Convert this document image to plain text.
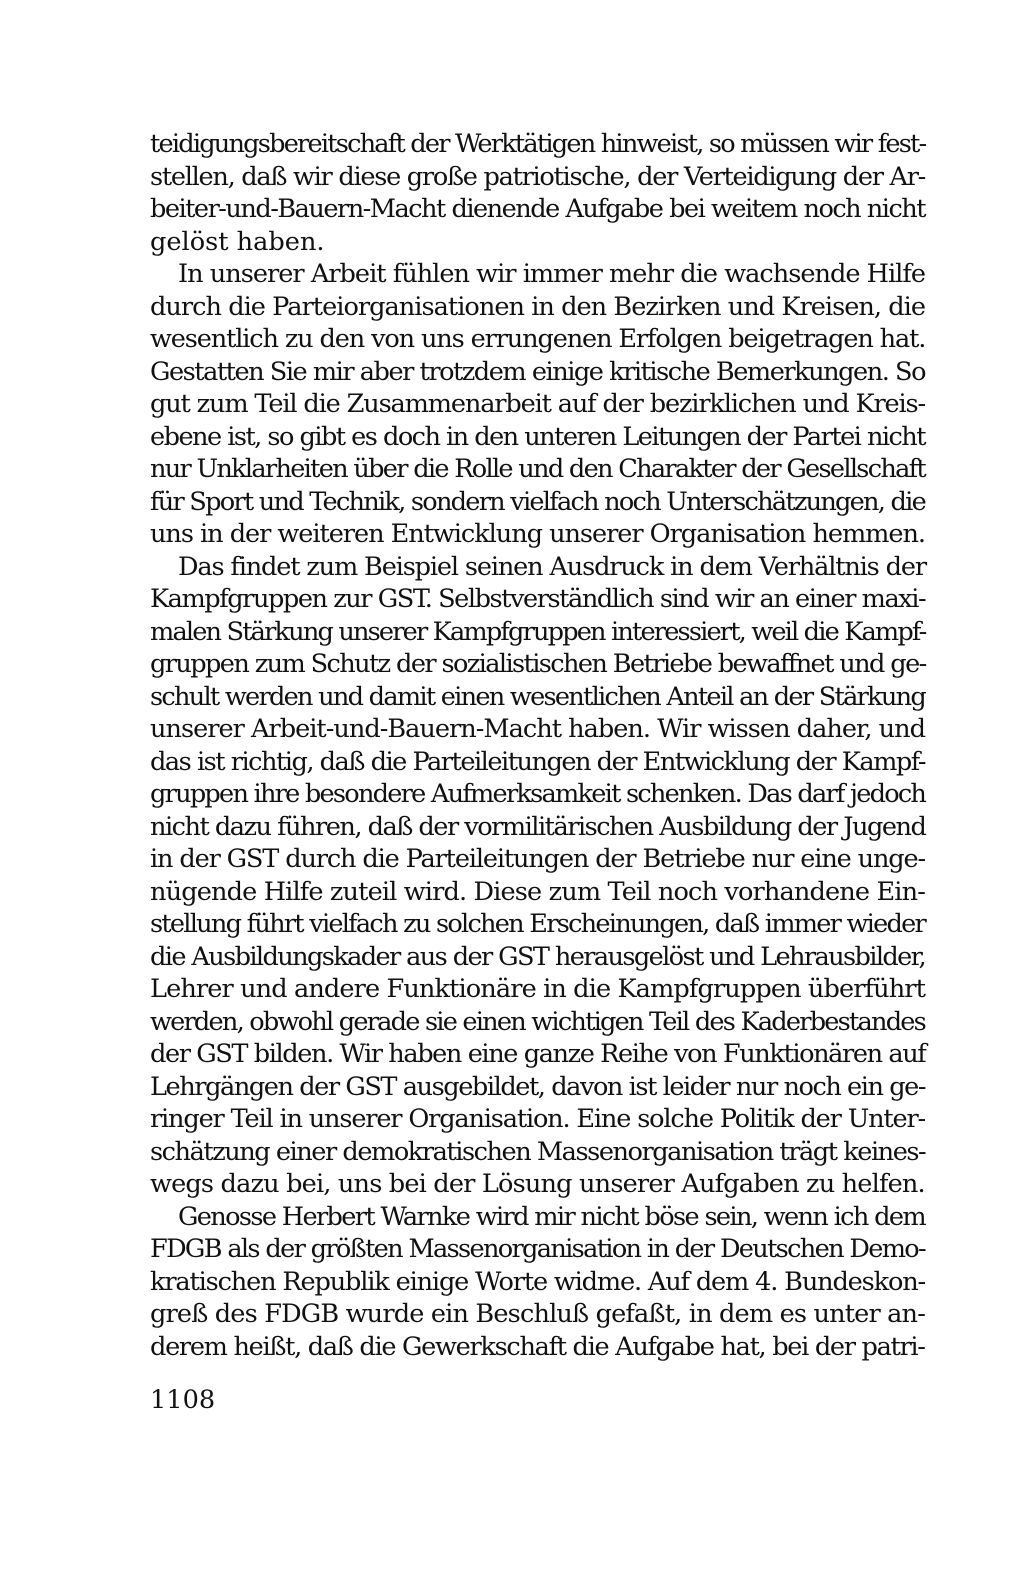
teidigungsbereitschaft der Werktätigen hinweist, so müssen wir fest-
stellen, daß wir diese große patriotische, der Verteidigung der Ar-
beiter-und-Bauern-Macht dienende Aufgabe bei weitem noch nicht
gelöst haben.
In unserer Arbeit fühlen wir immer mehr die wachsende Hilfe
durch die Parteiorganisationen in den Bezirken und Kreisen, die
wesentlich zu den von uns errungenen Erfolgen beigetragen hat.
Gestatten Sie mir aber trotzdem einige kritische Bemerkungen. So
gut zum Teil die Zusammenarbeit auf der bezirklichen und Kreis-
ebene ist, so gibt es doch in den unteren Leitungen der Partei nicht
nur Unklarheiten über die Rolle und den Charakter der Gesellschaft
für Sport und Technik, sondern vielfach noch Unterschätzungen, die
uns in der weiteren Entwicklung unserer Organisation hemmen.
Das findet zum Beispiel seinen Ausdruck in dem Verhältnis der
Kampfgruppen zur GST. Selbstverständlich sind wir an einer maxi-
malen Stärkung unserer Kampfgruppen interessiert, weil die Kampf-
gruppen zum Schutz der sozialistischen Betriebe bewaffnet und ge-
schult werden und damit einen wesentlichen Anteil an der Stärkung
unserer Arbeit-und-Bauern-Macht haben. Wir wissen daher, und
das ist richtig, daß die Parteileitungen der Entwicklung der Kampf-
gruppen ihre besondere Aufmerksamkeit schenken. Das darf jedoch
nicht dazu führen, daß der vormilitärischen Ausbildung der Jugend
in der GST durch die Parteileitungen der Betriebe nur eine unge-
nügende Hilfe zuteil wird. Diese zum Teil noch vorhandene Ein-
stellung führt vielfach zu solchen Erscheinungen, daß immer wieder
die Ausbildungskader aus der GST herausgelöst und Lehrausbilder,
Lehrer und andere Funktionäre in die Kampfgruppen überführt
werden, obwohl gerade sie einen wichtigen Teil des Kaderbestandes
der GST bilden. Wir haben eine ganze Reihe von Funktionären auf
Lehrgängen der GST ausgebildet, davon ist leider nur noch ein ge-
ringer Teil in unserer Organisation. Eine solche Politik der Unter-
schätzung einer demokratischen Massenorganisation trägt keines-
wegs dazu bei, uns bei der Lösung unserer Aufgaben zu helfen.
Genosse Herbert Warnke wird mir nicht böse sein, wenn ich dem
FDGB als der größten Massenorganisation in der Deutschen Demo-
kratischen Republik einige Worte widme. Auf dem 4. Bundeskon-
greß des FDGB wurde ein Beschluß gefaßt, in dem es unter an-
derem heißt, daß die Gewerkschaft die Aufgabe hat, bei der patri-
1108
